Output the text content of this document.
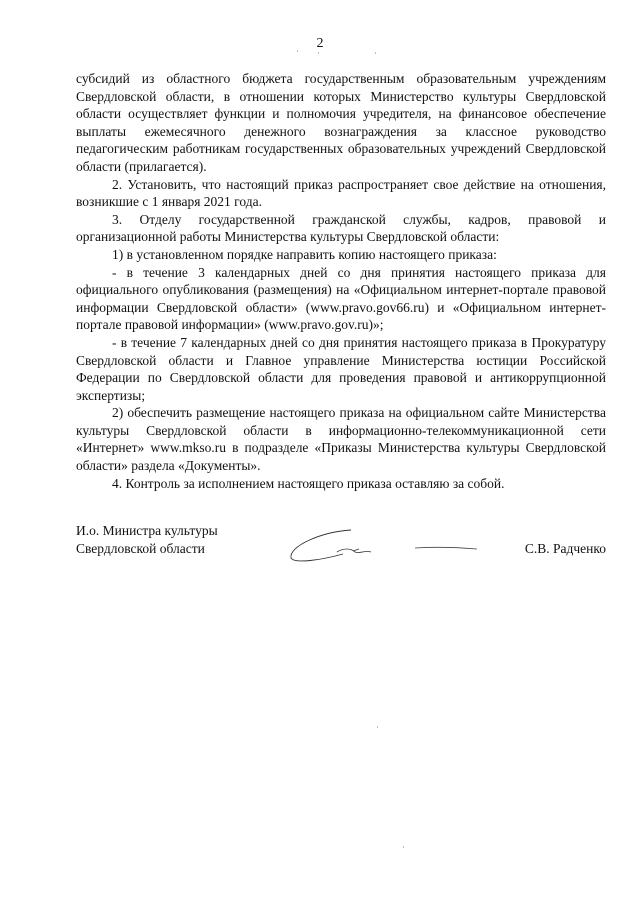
2

субсидий из областного бюджета государственным образовательным учреждениям Свердловской области, в отношении которых Министерство культуры Свердловской области осуществляет функции и полномочия учредителя, на финансовое обеспечение выплаты ежемесячного денежного вознаграждения за классное руководство педагогическим работникам государственных образовательных учреждений Свердловской области (прилагается).

2. Установить, что настоящий приказ распространяет свое действие на отношения, возникшие с 1 января 2021 года.

3. Отделу государственной гражданской службы, кадров, правовой и организационной работы Министерства культуры Свердловской области:

1) в установленном порядке направить копию настоящего приказа:

- в течение 3 календарных дней со дня принятия настоящего приказа для официального опубликования (размещения) на «Официальном интернет-портале правовой информации Свердловской области» (www.pravo.gov66.ru) и «Официальном интернет-портале правовой информации» (www.pravo.gov.ru)»;

- в течение 7 календарных дней со дня принятия настоящего приказа в Прокуратуру Свердловской области и Главное управление Министерства юстиции Российской Федерации по Свердловской области для проведения правовой и антикоррупционной экспертизы;

2) обеспечить размещение настоящего приказа на официальном сайте Министерства культуры Свердловской области в информационно-телекоммуникационной сети «Интернет» www.mkso.ru в подразделе «Приказы Министерства культуры Свердловской области» раздела «Документы».

4. Контроль за исполнением настоящего приказа оставляю за собой.

И.о. Министра культуры
Свердловской области	С.В. Радченко
